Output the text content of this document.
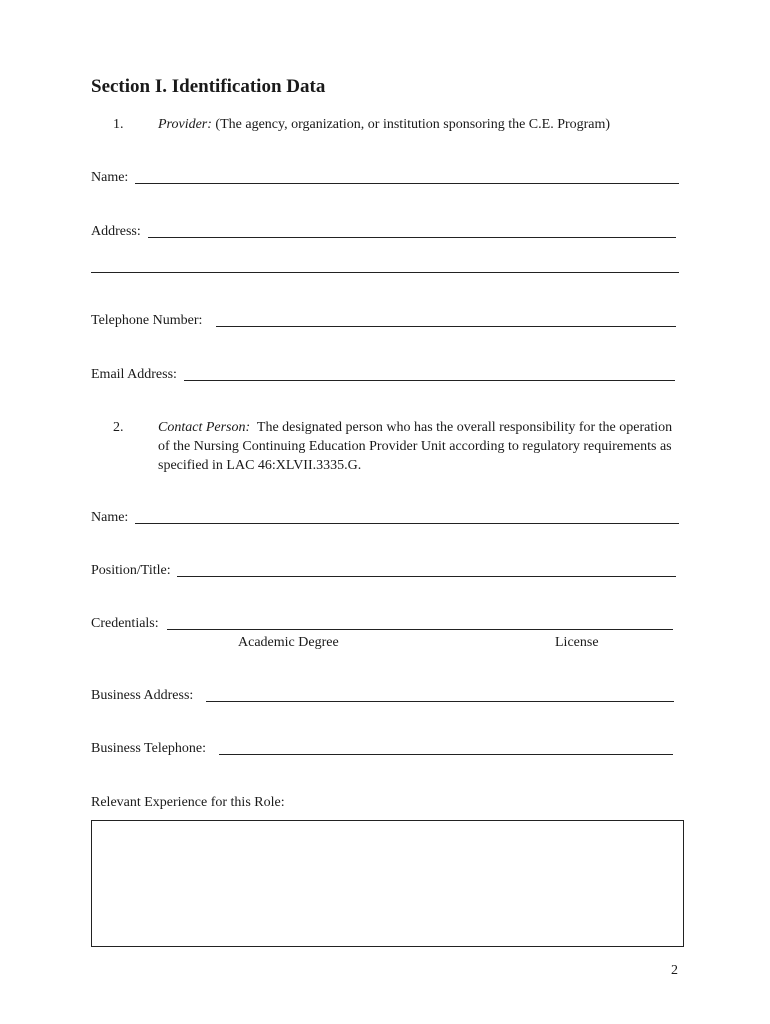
Section I. Identification Data
1. Provider: (The agency, organization, or institution sponsoring the C.E. Program)
Name:
Address:
Telephone Number:
Email Address:
2. Contact Person: The designated person who has the overall responsibility for the operation of the Nursing Continuing Education Provider Unit according to regulatory requirements as specified in LAC 46:XLVII.3335.G.
Name:
Position/Title:
Credentials:
Academic Degree	License
Business Address:
Business Telephone:
Relevant Experience for this Role:
2
